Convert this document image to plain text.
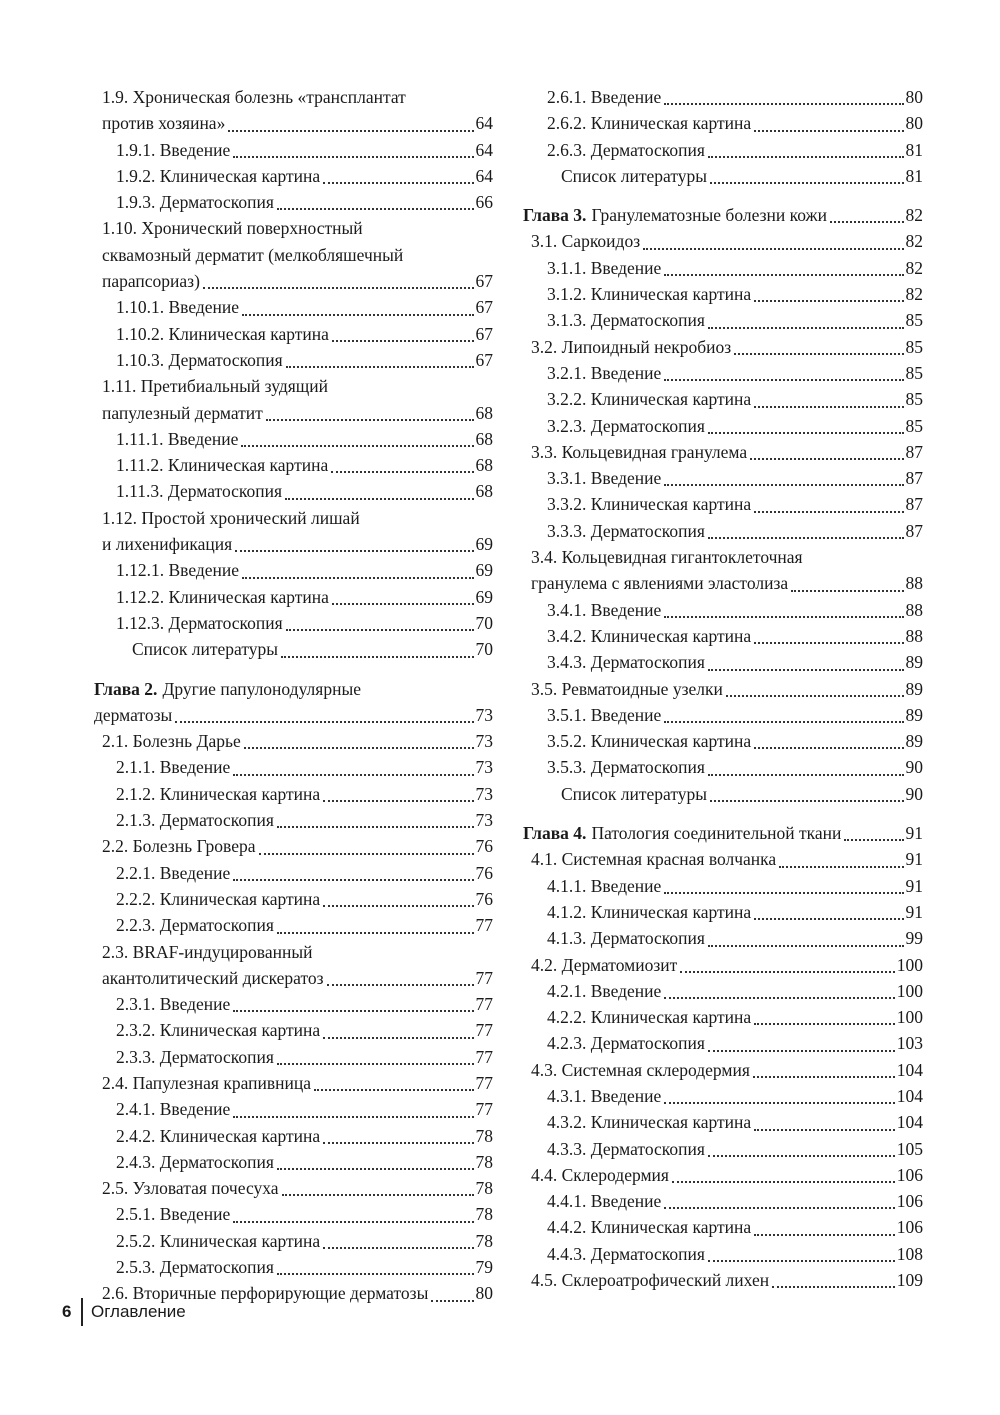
1.9. Хроническая болезнь «трансплантат
против хозяина»	64
1.9.1. Введение	64
1.9.2. Клиническая картина	64
1.9.3. Дерматоскопия	66
1.10. Хронический поверхностный
сквамозный дерматит (мелкобляшечный
парапсориаз)	67
1.10.1. Введение	67
1.10.2. Клиническая картина	67
1.10.3. Дерматоскопия	67
1.11. Претибиальный зудящий
папулезный дерматит	68
1.11.1. Введение	68
1.11.2. Клиническая картина	68
1.11.3. Дерматоскопия	68
1.12. Простой хронический лишай
и лихенификация	69
1.12.1. Введение	69
1.12.2. Клиническая картина	69
1.12.3. Дерматоскопия	70
Список литературы	70
Глава 2. Другие папулонодулярные
дерматозы	73
2.1. Болезнь Дарье	73
2.1.1. Введение	73
2.1.2. Клиническая картина	73
2.1.3. Дерматоскопия	73
2.2. Болезнь Гровера	76
2.2.1. Введение	76
2.2.2. Клиническая картина	76
2.2.3. Дерматоскопия	77
2.3. BRAF-индуцированный
акантолитический дискератоз	77
2.3.1. Введение	77
2.3.2. Клиническая картина	77
2.3.3. Дерматоскопия	77
2.4. Папулезная крапивница	77
2.4.1. Введение	77
2.4.2. Клиническая картина	78
2.4.3. Дерматоскопия	78
2.5. Узловатая почесуха	78
2.5.1. Введение	78
2.5.2. Клиническая картина	78
2.5.3. Дерматоскопия	79
2.6. Вторичные перфорирующие дерматозы	80
2.6.1. Введение	80
2.6.2. Клиническая картина	80
2.6.3. Дерматоскопия	81
Список литературы	81
Глава 3. Гранулематозные болезни кожи	82
3.1. Саркоидоз	82
3.1.1. Введение	82
3.1.2. Клиническая картина	82
3.1.3. Дерматоскопия	85
3.2. Липоидный некробиоз	85
3.2.1. Введение	85
3.2.2. Клиническая картина	85
3.2.3. Дерматоскопия	85
3.3. Кольцевидная гранулема	87
3.3.1. Введение	87
3.3.2. Клиническая картина	87
3.3.3. Дерматоскопия	87
3.4. Кольцевидная гигантоклеточная
гранулема с явлениями эластолиза	88
3.4.1. Введение	88
3.4.2. Клиническая картина	88
3.4.3. Дерматоскопия	89
3.5. Ревматоидные узелки	89
3.5.1. Введение	89
3.5.2. Клиническая картина	89
3.5.3. Дерматоскопия	90
Список литературы	90
Глава 4. Патология соединительной ткани	91
4.1. Системная красная волчанка	91
4.1.1. Введение	91
4.1.2. Клиническая картина	91
4.1.3. Дерматоскопия	99
4.2. Дерматомиозит	100
4.2.1. Введение	100
4.2.2. Клиническая картина	100
4.2.3. Дерматоскопия	103
4.3. Системная склеродермия	104
4.3.1. Введение	104
4.3.2. Клиническая картина	104
4.3.3. Дерматоскопия	105
4.4. Склеродермия	106
4.4.1. Введение	106
4.4.2. Клиническая картина	106
4.4.3. Дерматоскопия	108
4.5. Склероатрофический лихен	109
6 Оглавление
